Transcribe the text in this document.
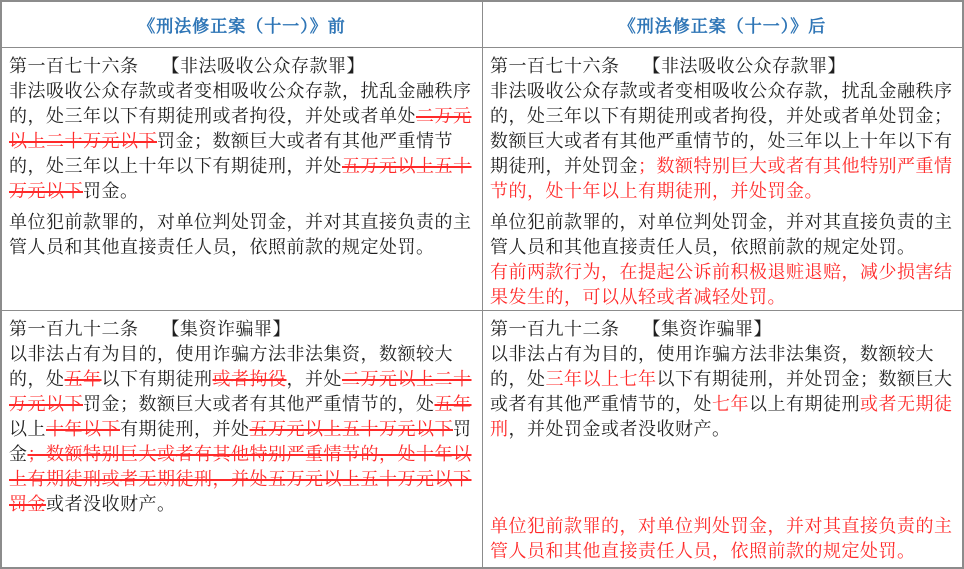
《刑法修正案（十一）》前	《刑法修正案（十一）》后
第一百七十六条 【非法吸收公众存款罪】

非法吸收公众存款或者变相吸收公众存款，扰乱金融秩序的，处三年以下有期徒刑或者拘役，并处或者单处二万元以上二十万元以下罚金；数额巨大或者有其他严重情节的，处三年以上十年以下有期徒刑，并处五万元以上五十万元以下罚金。

单位犯前款罪的，对单位判处罚金，并对其直接负责的主管人员和其他直接责任人员，依照前款的规定处罚。

第一百七十六条 【非法吸收公众存款罪】

非法吸收公众存款或者变相吸收公众存款，扰乱金融秩序的，处三年以下有期徒刑或者拘役，并处或者单处罚金；数额巨大或者有其他严重情节的，处三年以上十年以下有期徒刑，并处罚金；数额特别巨大或者有其他特别严重情节的，处十年以上有期徒刑，并处罚金。

单位犯前款罪的，对单位判处罚金，并对其直接负责的主管人员和其他直接责任人员，依照前款的规定处罚。

有前两款行为，在提起公诉前积极退赃退赔，减少损害结果发生的，可以从轻或者减轻处罚。

第一百九十二条 【集资诈骗罪】

以非法占有为目的，使用诈骗方法非法集资，数额较大的，处五年以下有期徒刑或者拘役，并处二万元以上二十万元以下罚金；数额巨大或者有其他严重情节的，处五年以上十年以下有期徒刑，并处五万元以上五十万元以下罚金；数额特别巨大或者有其他特别严重情节的，处十年以上有期徒刑或者无期徒刑，并处五万元以上五十万元以下罚金或者没收财产。

第一百九十二条 【集资诈骗罪】

以非法占有为目的，使用诈骗方法非法集资，数额较大的，处三年以上七年以下有期徒刑，并处罚金；数额巨大或者有其他严重情节的，处七年以上有期徒刑或者无期徒刑，并处罚金或者没收财产。

单位犯前款罪的，对单位判处罚金，并对其直接负责的主管人员和其他直接责任人员，依照前款的规定处罚。
